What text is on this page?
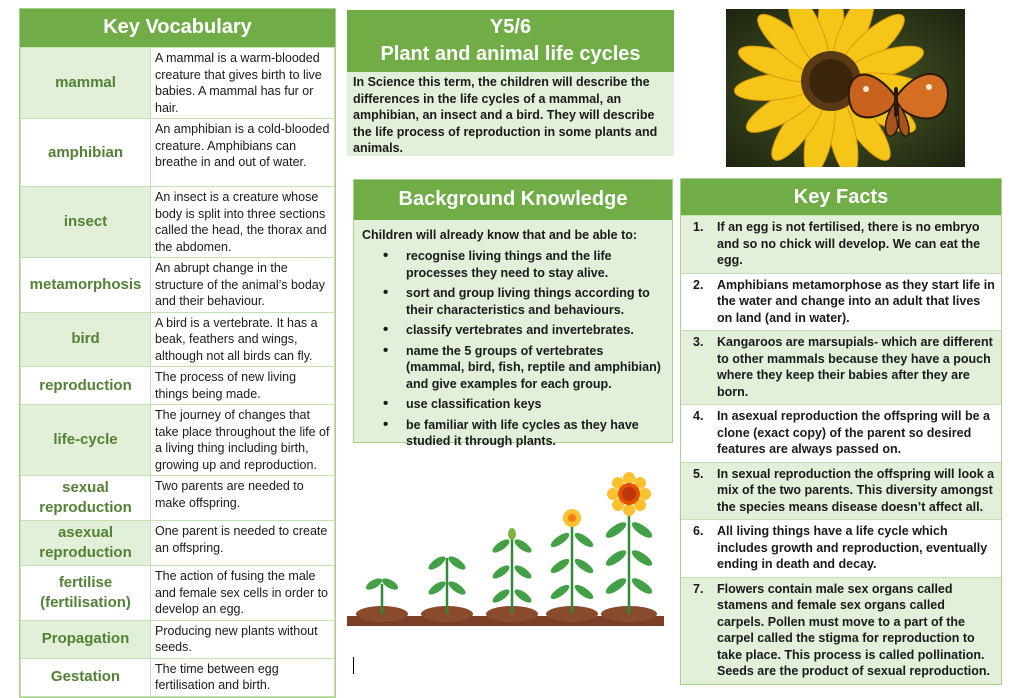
Key Vocabulary
mammal	A mammal is a warm-blooded creature that gives birth to live babies. A mammal has fur or hair.
amphibian	An amphibian is a cold-blooded creature. Amphibians can breathe in and out of water.
insect	An insect is a creature whose body is split into three sections called the head, the thorax and the abdomen.
metamorphosis	An abrupt change in the structure of the animal’s boday and their behaviour.
bird	A bird is a vertebrate. It has a beak, feathers and wings, although not all birds can fly.
reproduction	The process of new living things being made.
life-cycle	The journey of changes that take place throughout the life of a living thing including birth, growing up and reproduction.
sexual reproduction	Two parents are needed to make offspring.
asexual reproduction	One parent is needed to create an offspring.
fertilise (fertilisation)	The action of fusing the male and female sex cells in order to develop an egg.
Propagation	Producing new plants without seeds.
Gestation	The time between egg fertilisation and birth.
Y5/6
Plant and animal life cycles
In Science this term, the children will describe the differences in the life cycles of a mammal, an amphibian, an insect and a bird. They will describe the life process of reproduction in some plants and animals.
Background Knowledge
Children will already know that and be able to:
• recognise living things and the life processes they need to stay alive.
• sort and group living things according to their characteristics and behaviours.
• classify vertebrates and invertebrates.
• name the 5 groups of vertebrates (mammal, bird, fish, reptile and amphibian) and give examples for each group.
• use classification keys
• be familiar with life cycles as they have studied it through plants.
Key Facts
1. If an egg is not fertilised, there is no embryo and so no chick will develop. We can eat the egg.
2. Amphibians metamorphose as they start life in the water and change into an adult that lives on land (and in water).
3. Kangaroos are marsupials- which are different to other mammals because they have a pouch where they keep their babies after they are born.
4. In asexual reproduction the offspring will be a clone (exact copy) of the parent so desired features are always passed on.
5. In sexual reproduction the offspring will look a mix of the two parents. This diversity amongst the species means disease doesn’t affect all.
6. All living things have a life cycle which includes growth and reproduction, eventually ending in death and decay.
7. Flowers contain male sex organs called stamens and female sex organs called carpels. Pollen must move to a part of the carpel called the stigma for reproduction to take place. This process is called pollination. Seeds are the product of sexual reproduction.
